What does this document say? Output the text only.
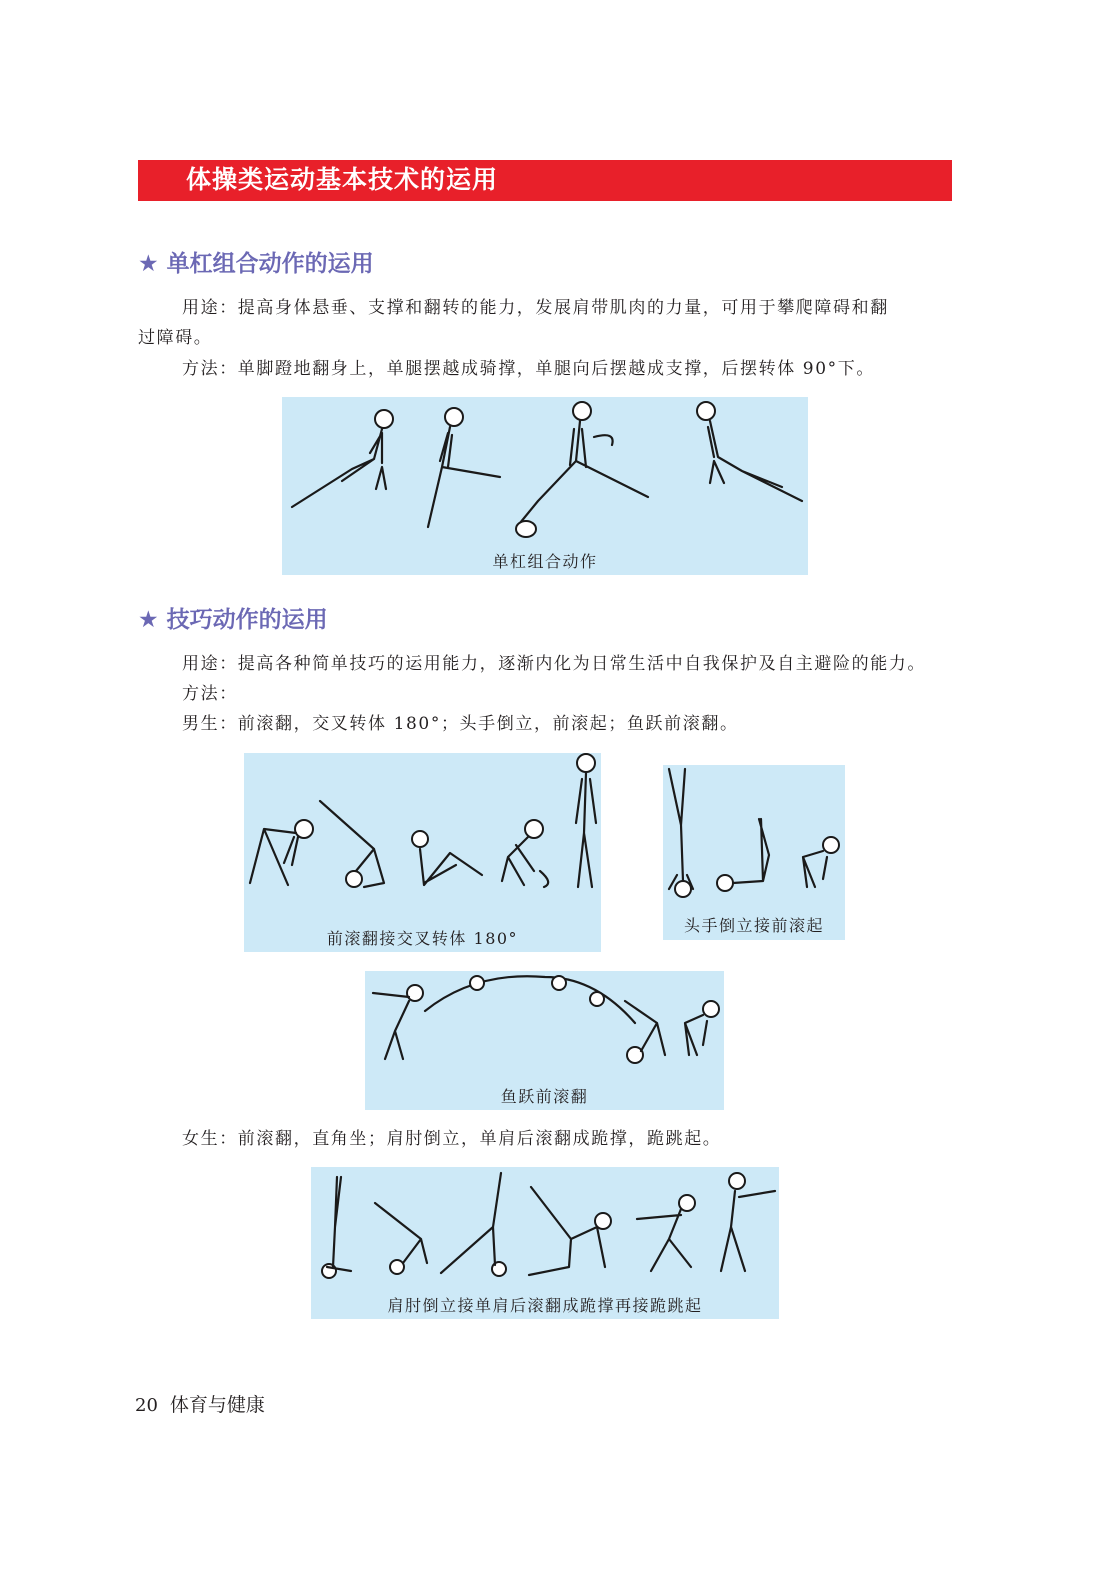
体操类运动基本技术的运用
★ 单杠组合动作的运用
用途：提高身体悬垂、支撑和翻转的能力，发展肩带肌肉的力量，可用于攀爬障碍和翻
过障碍。
方法：单脚蹬地翻身上，单腿摆越成骑撑，单腿向后摆越成支撑，后摆转体 90°下。
单杠组合动作
★ 技巧动作的运用
用途：提高各种简单技巧的运用能力，逐渐内化为日常生活中自我保护及自主避险的能力。
方法：
男生：前滚翻，交叉转体 180°；头手倒立，前滚起；鱼跃前滚翻。
前滚翻接交叉转体 180°
头手倒立接前滚起
鱼跃前滚翻
女生：前滚翻，直角坐；肩肘倒立，单肩后滚翻成跪撑，跪跳起。
肩肘倒立接单肩后滚翻成跪撑再接跪跳起
20 体育与健康
